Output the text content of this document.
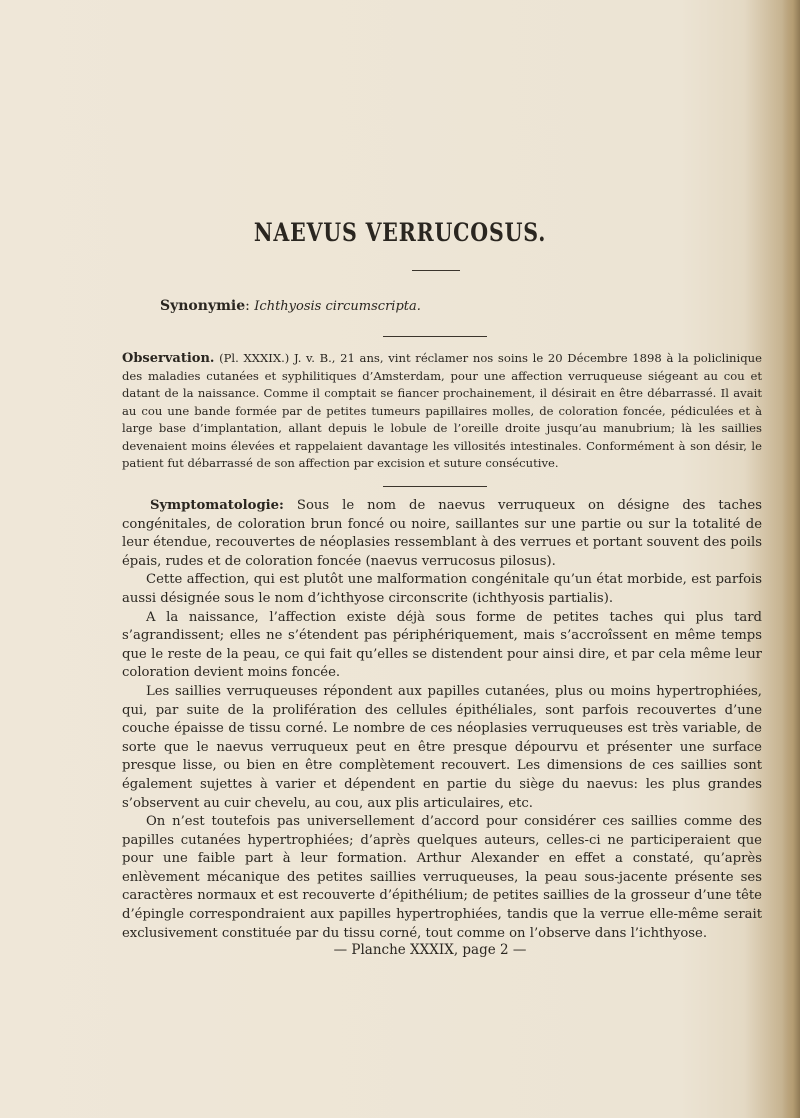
NAEVUS VERRUCOSUS.
Synonymie: Ichthyosis circumscripta.
Observation. (Pl. XXXIX.) J. v. B., 21 ans, vint réclamer nos soins le 20 Décembre 1898 à la policlinique des maladies cutanées et syphilitiques d’Amsterdam, pour une affection verruqueuse siégeant au cou et datant de la naissance. Comme il comptait se fiancer prochainement, il désirait en être débarrassé. Il avait au cou une bande formée par de petites tumeurs papillaires molles, de coloration foncée, pédiculées et à large base d’implantation, allant depuis le lobule de l’oreille droite jusqu’au manubrium; là les saillies devenaient moins élevées et rappelaient davantage les villosités intestinales. Conformément à son désir, le patient fut débarrassé de son affection par excision et suture consécutive.

Symptomatologie: Sous le nom de naevus verruqueux on désigne des taches congénitales, de coloration brun foncé ou noire, saillantes sur une partie ou sur la totalité de leur étendue, recouvertes de néoplasies ressemblant à des verrues et portant souvent des poils épais, rudes et de coloration foncée (naevus verrucosus pilosus).

Cette affection, qui est plutôt une malformation congénitale qu’un état morbide, est parfois aussi désignée sous le nom d’ichthyose circonscrite (ichthyosis partialis).

A la naissance, l’affection existe déjà sous forme de petites taches qui plus tard s’agrandissent; elles ne s’étendent pas périphériquement, mais s’accroîssent en même temps que le reste de la peau, ce qui fait qu’elles se distendent pour ainsi dire, et par cela même leur coloration devient moins foncée.

Les saillies verruqueuses répondent aux papilles cutanées, plus ou moins hypertrophiées, qui, par suite de la prolifération des cellules épithéliales, sont parfois recouvertes d’une couche épaisse de tissu corné. Le nombre de ces néoplasies verruqueuses est très variable, de sorte que le naevus verruqueux peut en être presque dépourvu et présenter une surface presque lisse, ou bien en être complètement recouvert. Les dimensions de ces saillies sont également sujettes à varier et dépendent en partie du siège du naevus: les plus grandes s’observent au cuir chevelu, au cou, aux plis articulaires, etc.

On n’est toutefois pas universellement d’accord pour considérer ces saillies comme des papilles cutanées hypertrophiées; d’après quelques auteurs, celles-ci ne participeraient que pour une faible part à leur formation. Arthur Alexander en effet a constaté, qu’après enlèvement mécanique des petites saillies verruqueuses, la peau sous-jacente présente ses caractères normaux et est recouverte d’épithélium; de petites saillies de la grosseur d’une tête d’épingle correspondraient aux papilles hypertrophiées, tandis que la verrue elle-même serait exclusivement constituée par du tissu corné, tout comme on l’observe dans l’ichthyose.

— Planche XXXIX, page 2 —
